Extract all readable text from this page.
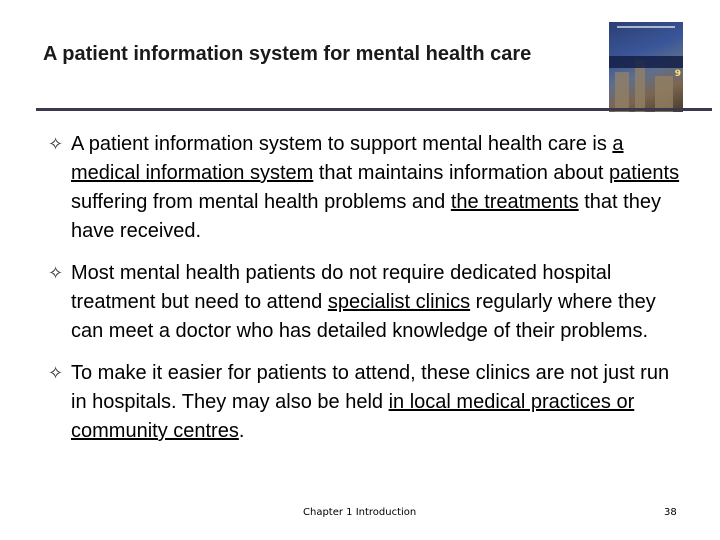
A patient information system for mental health care
9
✧ A patient information system to support mental health care is a medical information system that maintains information about patients suffering from mental health problems and the treatments that they have received.
✧ Most mental health patients do not require dedicated hospital treatment but need to attend specialist clinics regularly where they can meet a doctor who has detailed knowledge of their problems.
✧ To make it easier for patients to attend, these clinics are not just run in hospitals. They may also be held in local medical practices or community centres.
Chapter 1 Introduction	38
